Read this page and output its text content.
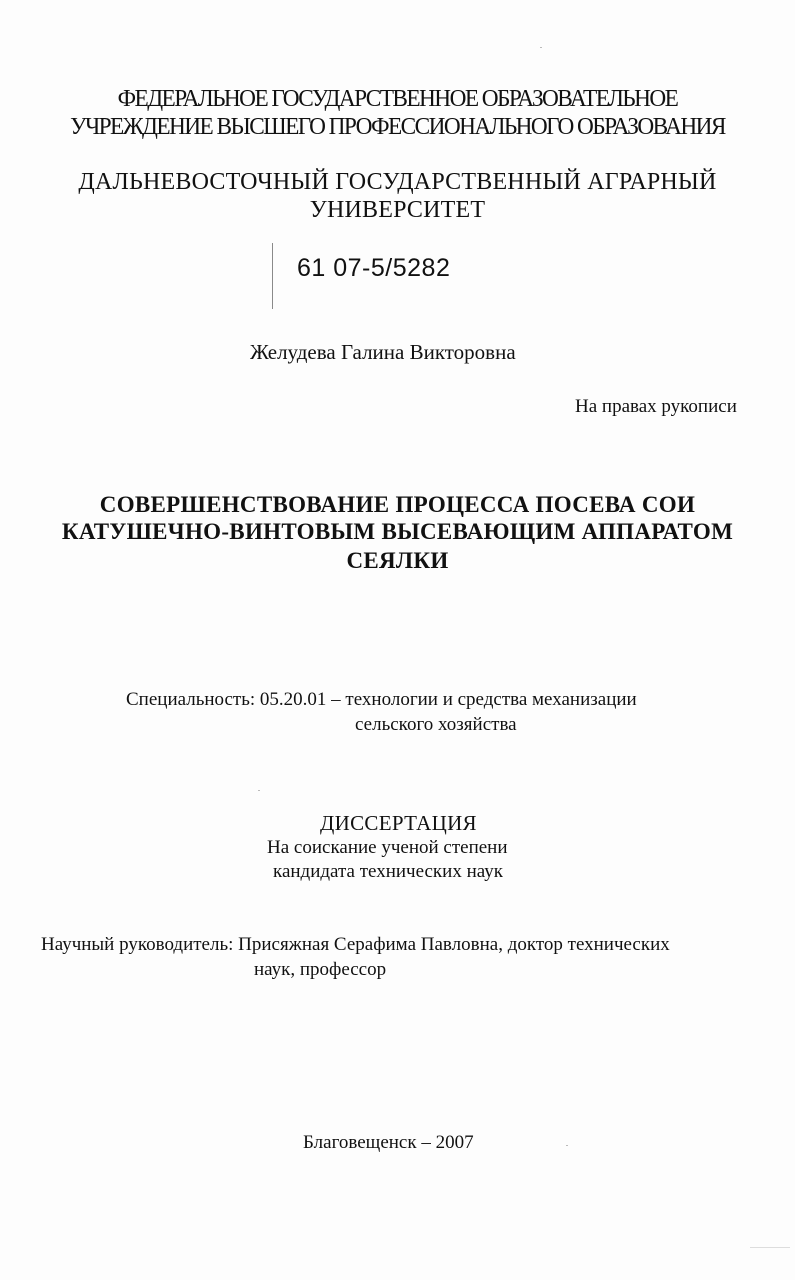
ФЕДЕРАЛЬНОЕ ГОСУДАРСТВЕННОЕ ОБРАЗОВАТЕЛЬНОЕ
УЧРЕЖДЕНИЕ ВЫСШЕГО ПРОФЕССИОНАЛЬНОГО ОБРАЗОВАНИЯ
ДАЛЬНЕВОСТОЧНЫЙ ГОСУДАРСТВЕННЫЙ АГРАРНЫЙ
УНИВЕРСИТЕТ
61 07-5/5282
Желудева Галина Викторовна
На правах рукописи
СОВЕРШЕНСТВОВАНИЕ ПРОЦЕССА ПОСЕВА СОИ
КАТУШЕЧНО-ВИНТОВЫМ ВЫСЕВАЮЩИМ АППАРАТОМ
СЕЯЛКИ
Специальность: 05.20.01 – технологии и средства механизации
сельского хозяйства
ДИССЕРТАЦИЯ
На соискание ученой степени
кандидата технических наук
Научный руководитель: Присяжная Серафима Павловна, доктор технических
наук, профессор
Благовещенск – 2007
